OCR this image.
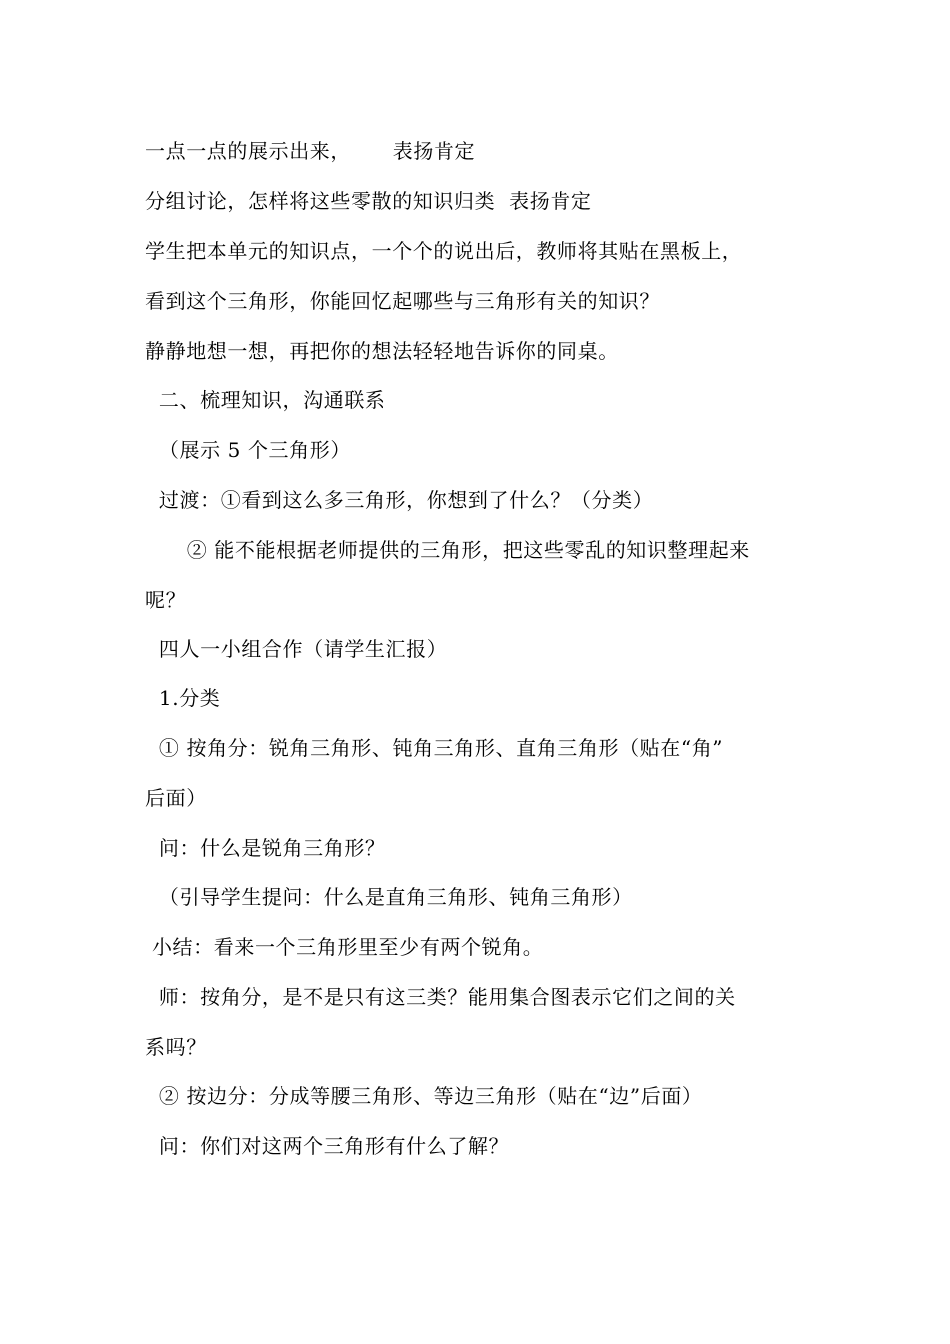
一点一点的展示出来，      表扬肯定
分组讨论，怎样将这些零散的知识归类  表扬肯定
学生把本单元的知识点，一个个的说出后，教师将其贴在黑板上，
看到这个三角形，你能回忆起哪些与三角形有关的知识？
静静地想一想，再把你的想法轻轻地告诉你的同桌。
二、梳理知识，沟通联系
（展示 5 个三角形）
过渡：①看到这么多三角形，你想到了什么？（分类）
② 能不能根据老师提供的三角形，把这些零乱的知识整理起来
呢？
四人一小组合作（请学生汇报）
1.分类
① 按角分：锐角三角形、钝角三角形、直角三角形（贴在“角”
后面）
问：什么是锐角三角形？
（引导学生提问：什么是直角三角形、钝角三角形）
小结：看来一个三角形里至少有两个锐角。
师：按角分，是不是只有这三类？能用集合图表示它们之间的关
系吗？
② 按边分：分成等腰三角形、等边三角形（贴在“边”后面）
问：你们对这两个三角形有什么了解？
